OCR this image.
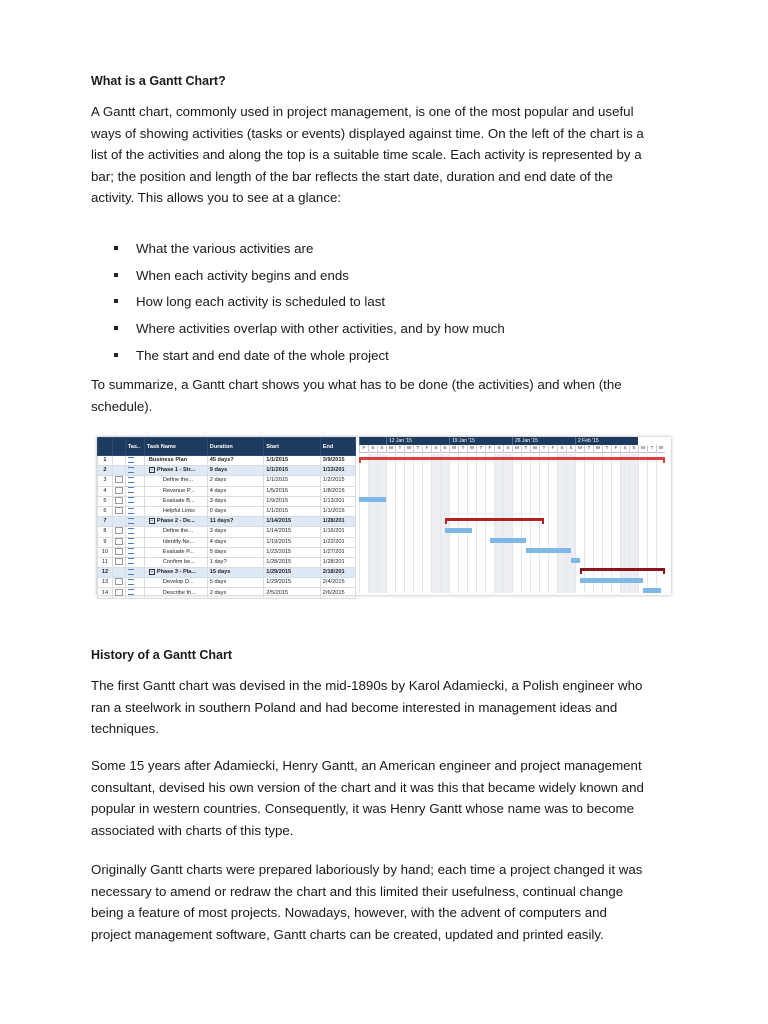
What is a Gantt Chart?
A Gantt chart, commonly used in project management, is one of the most popular and useful
ways of showing activities (tasks or events) displayed against time. On the left of the chart is a
list of the activities and along the top is a suitable time scale. Each activity is represented by a
bar; the position and length of the bar reflects the start date, duration and end date of the
activity. This allows you to see at a glance:
What the various activities are
When each activity begins and ends
How long each activity is scheduled to last
Where activities overlap with other activities, and by how much
The start and end date of the whole project
To summarize, a Gantt chart shows you what has to be done (the activities) and when (the
schedule).
		Tas..	Task Name	Duration	Start	End
1			Business Plan	45 days?	1/1/2015	3/9/2015
2			− Phase 1 - Str...	9 days	1/1/2015	1/13/201
3			Define the...	2 days	1/1/2015	1/2/2015
4			Revenue P...	4 days	1/5/2015	1/8/2015
5			Evaluate B...	3 days	1/9/2015	1/13/201
6			Helpful Links	0 days	1/1/2015	1/1/2015
7			− Phase 2 - De...	11 days?	1/14/2015	1/28/201
8			Define the...	3 days	1/14/2015	1/16/201
9			Identify Ne...	4 days	1/19/2015	1/22/201
10			Evaluate P...	5 days	1/23/2015	1/27/201
11			Confirm be...	1 day?	1/28/2015	1/28/201
12			− Phase 3 - Pla...	15 days	1/29/2015	2/18/201
13			Develop D...	5 days	1/29/2015	2/4/2015
14			Describe th...	2 days	2/5/2015	2/6/2015
12 Jan '15	19 Jan '15	26 Jan '15	2 Feb '15
F	S	S	M	T	W	T	F	S	S	M	T	W	T	F	S	S	M	T	W	T	F	S	S	M	T	W	T	F	S	S	M	T	W
History of a Gantt Chart
The first Gantt chart was devised in the mid-1890s by Karol Adamiecki, a Polish engineer who
ran a steelwork in southern Poland and had become interested in management ideas and
techniques.
Some 15 years after Adamiecki, Henry Gantt, an American engineer and project management
consultant, devised his own version of the chart and it was this that became widely known and
popular in western countries. Consequently, it was Henry Gantt whose name was to become
associated with charts of this type.
Originally Gantt charts were prepared laboriously by hand; each time a project changed it was
necessary to amend or redraw the chart and this limited their usefulness, continual change
being a feature of most projects. Nowadays, however, with the advent of computers and
project management software, Gantt charts can be created, updated and printed easily.
